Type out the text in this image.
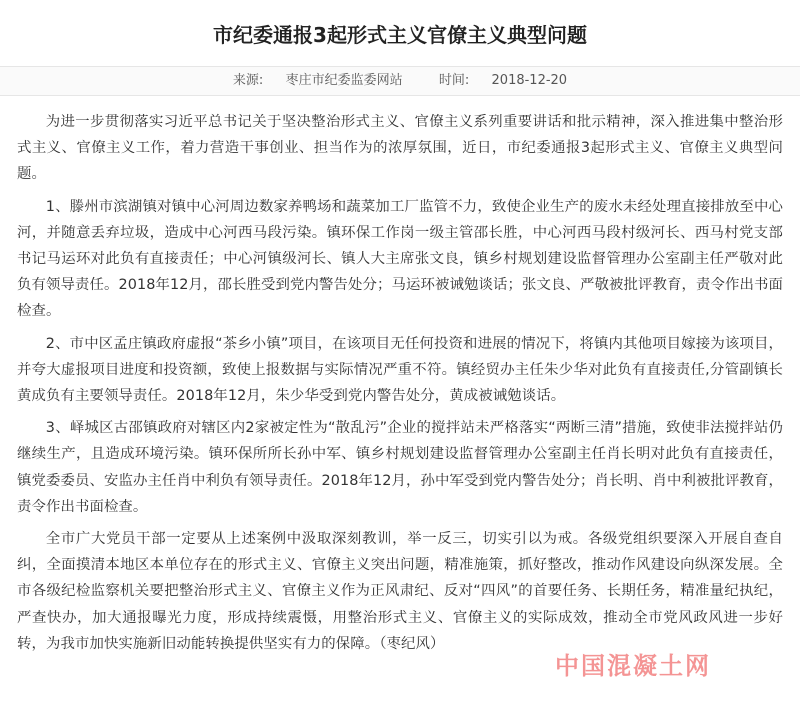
市纪委通报3起形式主义官僚主义典型问题
来源: 枣庄市纪委监委网站	时间: 2018-12-20

为进一步贯彻落实习近平总书记关于坚决整治形式主义、官僚主义系列重要讲话和批示精神，深入推进集中整治形式主义、官僚主义工作，着力营造干事创业、担当作为的浓厚氛围，近日，市纪委通报3起形式主义、官僚主义典型问题。

1、滕州市滨湖镇对镇中心河周边数家养鸭场和蔬菜加工厂监管不力，致使企业生产的废水未经处理直接排放至中心河，并随意丢弃垃圾，造成中心河西马段污染。镇环保工作岗一级主管邵长胜，中心河西马段村级河长、西马村党支部书记马运环对此负有直接责任；中心河镇级河长、镇人大主席张文良，镇乡村规划建设监督管理办公室副主任严敬对此负有领导责任。2018年12月，邵长胜受到党内警告处分；马运环被诫勉谈话；张文良、严敬被批评教育，责令作出书面检查。

2、市中区孟庄镇政府虚报“茶乡小镇”项目，在该项目无任何投资和进展的情况下，将镇内其他项目嫁接为该项目，并夸大虚报项目进度和投资额，致使上报数据与实际情况严重不符。镇经贸办主任朱少华对此负有直接责任,分管副镇长黄成负有主要领导责任。2018年12月，朱少华受到党内警告处分，黄成被诫勉谈话。

3、峄城区古邵镇政府对辖区内2家被定性为“散乱污”企业的搅拌站未严格落实“两断三清”措施，致使非法搅拌站仍继续生产，且造成环境污染。镇环保所所长孙中军、镇乡村规划建设监督管理办公室副主任肖长明对此负有直接责任，镇党委委员、安监办主任肖中利负有领导责任。2018年12月，孙中军受到党内警告处分；肖长明、肖中利被批评教育，责令作出书面检查。

全市广大党员干部一定要从上述案例中汲取深刻教训，举一反三，切实引以为戒。各级党组织要深入开展自查自纠，全面摸清本地区本单位存在的形式主义、官僚主义突出问题，精准施策，抓好整改，推动作风建设向纵深发展。全市各级纪检监察机关要把整治形式主义、官僚主义作为正风肃纪、反对“四风”的首要任务、长期任务，精准量纪执纪，严查快办，加大通报曝光力度，形成持续震慑，用整治形式主义、官僚主义的实际成效，推动全市党风政风进一步好转，为我市加快实施新旧动能转换提供坚实有力的保障。（枣纪风）

中国混凝土网
